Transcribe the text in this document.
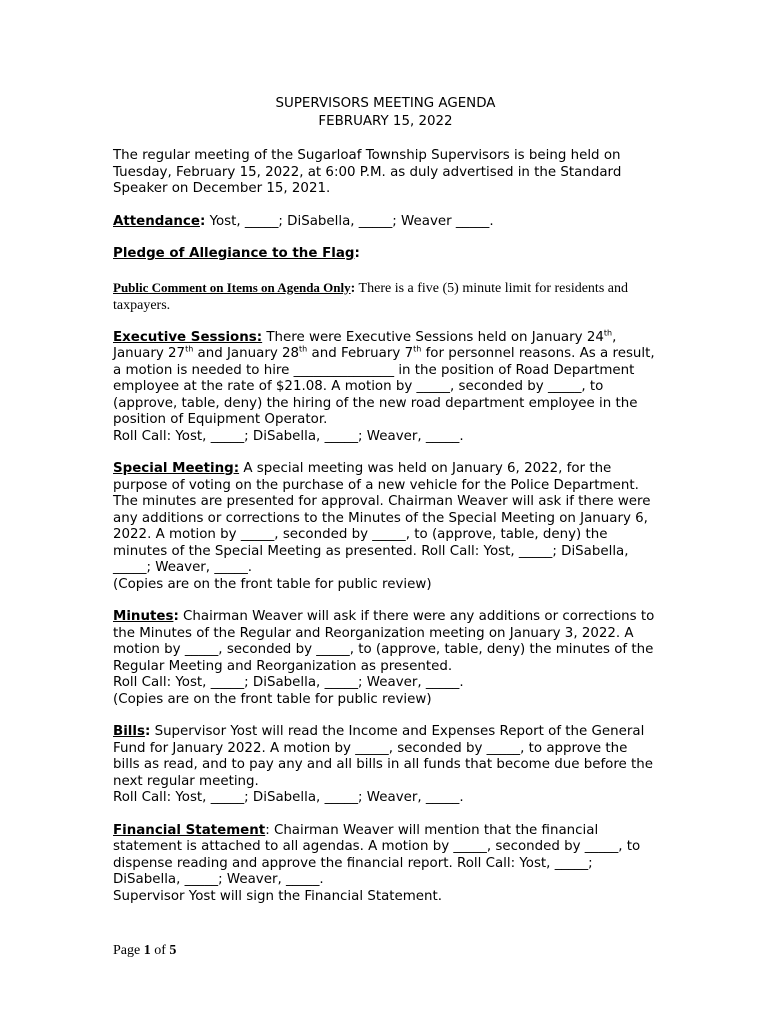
SUPERVISORS MEETING AGENDA
FEBRUARY 15, 2022

The regular meeting of the Sugarloaf Township Supervisors is being held on Tuesday, February 15, 2022, at 6:00 P.M. as duly advertised in the Standard Speaker on December 15, 2021.

Attendance: Yost, _____; DiSabella, _____; Weaver _____.

Pledge of Allegiance to the Flag:

Public Comment on Items on Agenda Only: There is a five (5) minute limit for residents and taxpayers.

Executive Sessions: There were Executive Sessions held on January 24th, January 27th and January 28th and February 7th for personnel reasons. As a result, a motion is needed to hire _______________ in the position of Road Department employee at the rate of $21.08. A motion by _____, seconded by _____, to (approve, table, deny) the hiring of the new road department employee in the position of Equipment Operator.
Roll Call: Yost, _____; DiSabella, _____; Weaver, _____.

Special Meeting: A special meeting was held on January 6, 2022, for the purpose of voting on the purchase of a new vehicle for the Police Department. The minutes are presented for approval. Chairman Weaver will ask if there were any additions or corrections to the Minutes of the Special Meeting on January 6, 2022. A motion by _____, seconded by _____, to (approve, table, deny) the minutes of the Special Meeting as presented. Roll Call: Yost, _____; DiSabella, _____; Weaver, _____.
(Copies are on the front table for public review)

Minutes: Chairman Weaver will ask if there were any additions or corrections to the Minutes of the Regular and Reorganization meeting on January 3, 2022. A motion by _____, seconded by _____, to (approve, table, deny) the minutes of the Regular Meeting and Reorganization as presented.
Roll Call: Yost, _____; DiSabella, _____; Weaver, _____.
(Copies are on the front table for public review)

Bills: Supervisor Yost will read the Income and Expenses Report of the General Fund for January 2022. A motion by _____, seconded by _____, to approve the bills as read, and to pay any and all bills in all funds that become due before the next regular meeting.
Roll Call: Yost, _____; DiSabella, _____; Weaver, _____.

Financial Statement: Chairman Weaver will mention that the financial statement is attached to all agendas. A motion by _____, seconded by _____, to dispense reading and approve the financial report. Roll Call: Yost, _____; DiSabella, _____; Weaver, _____.
Supervisor Yost will sign the Financial Statement.

Page 1 of 5
